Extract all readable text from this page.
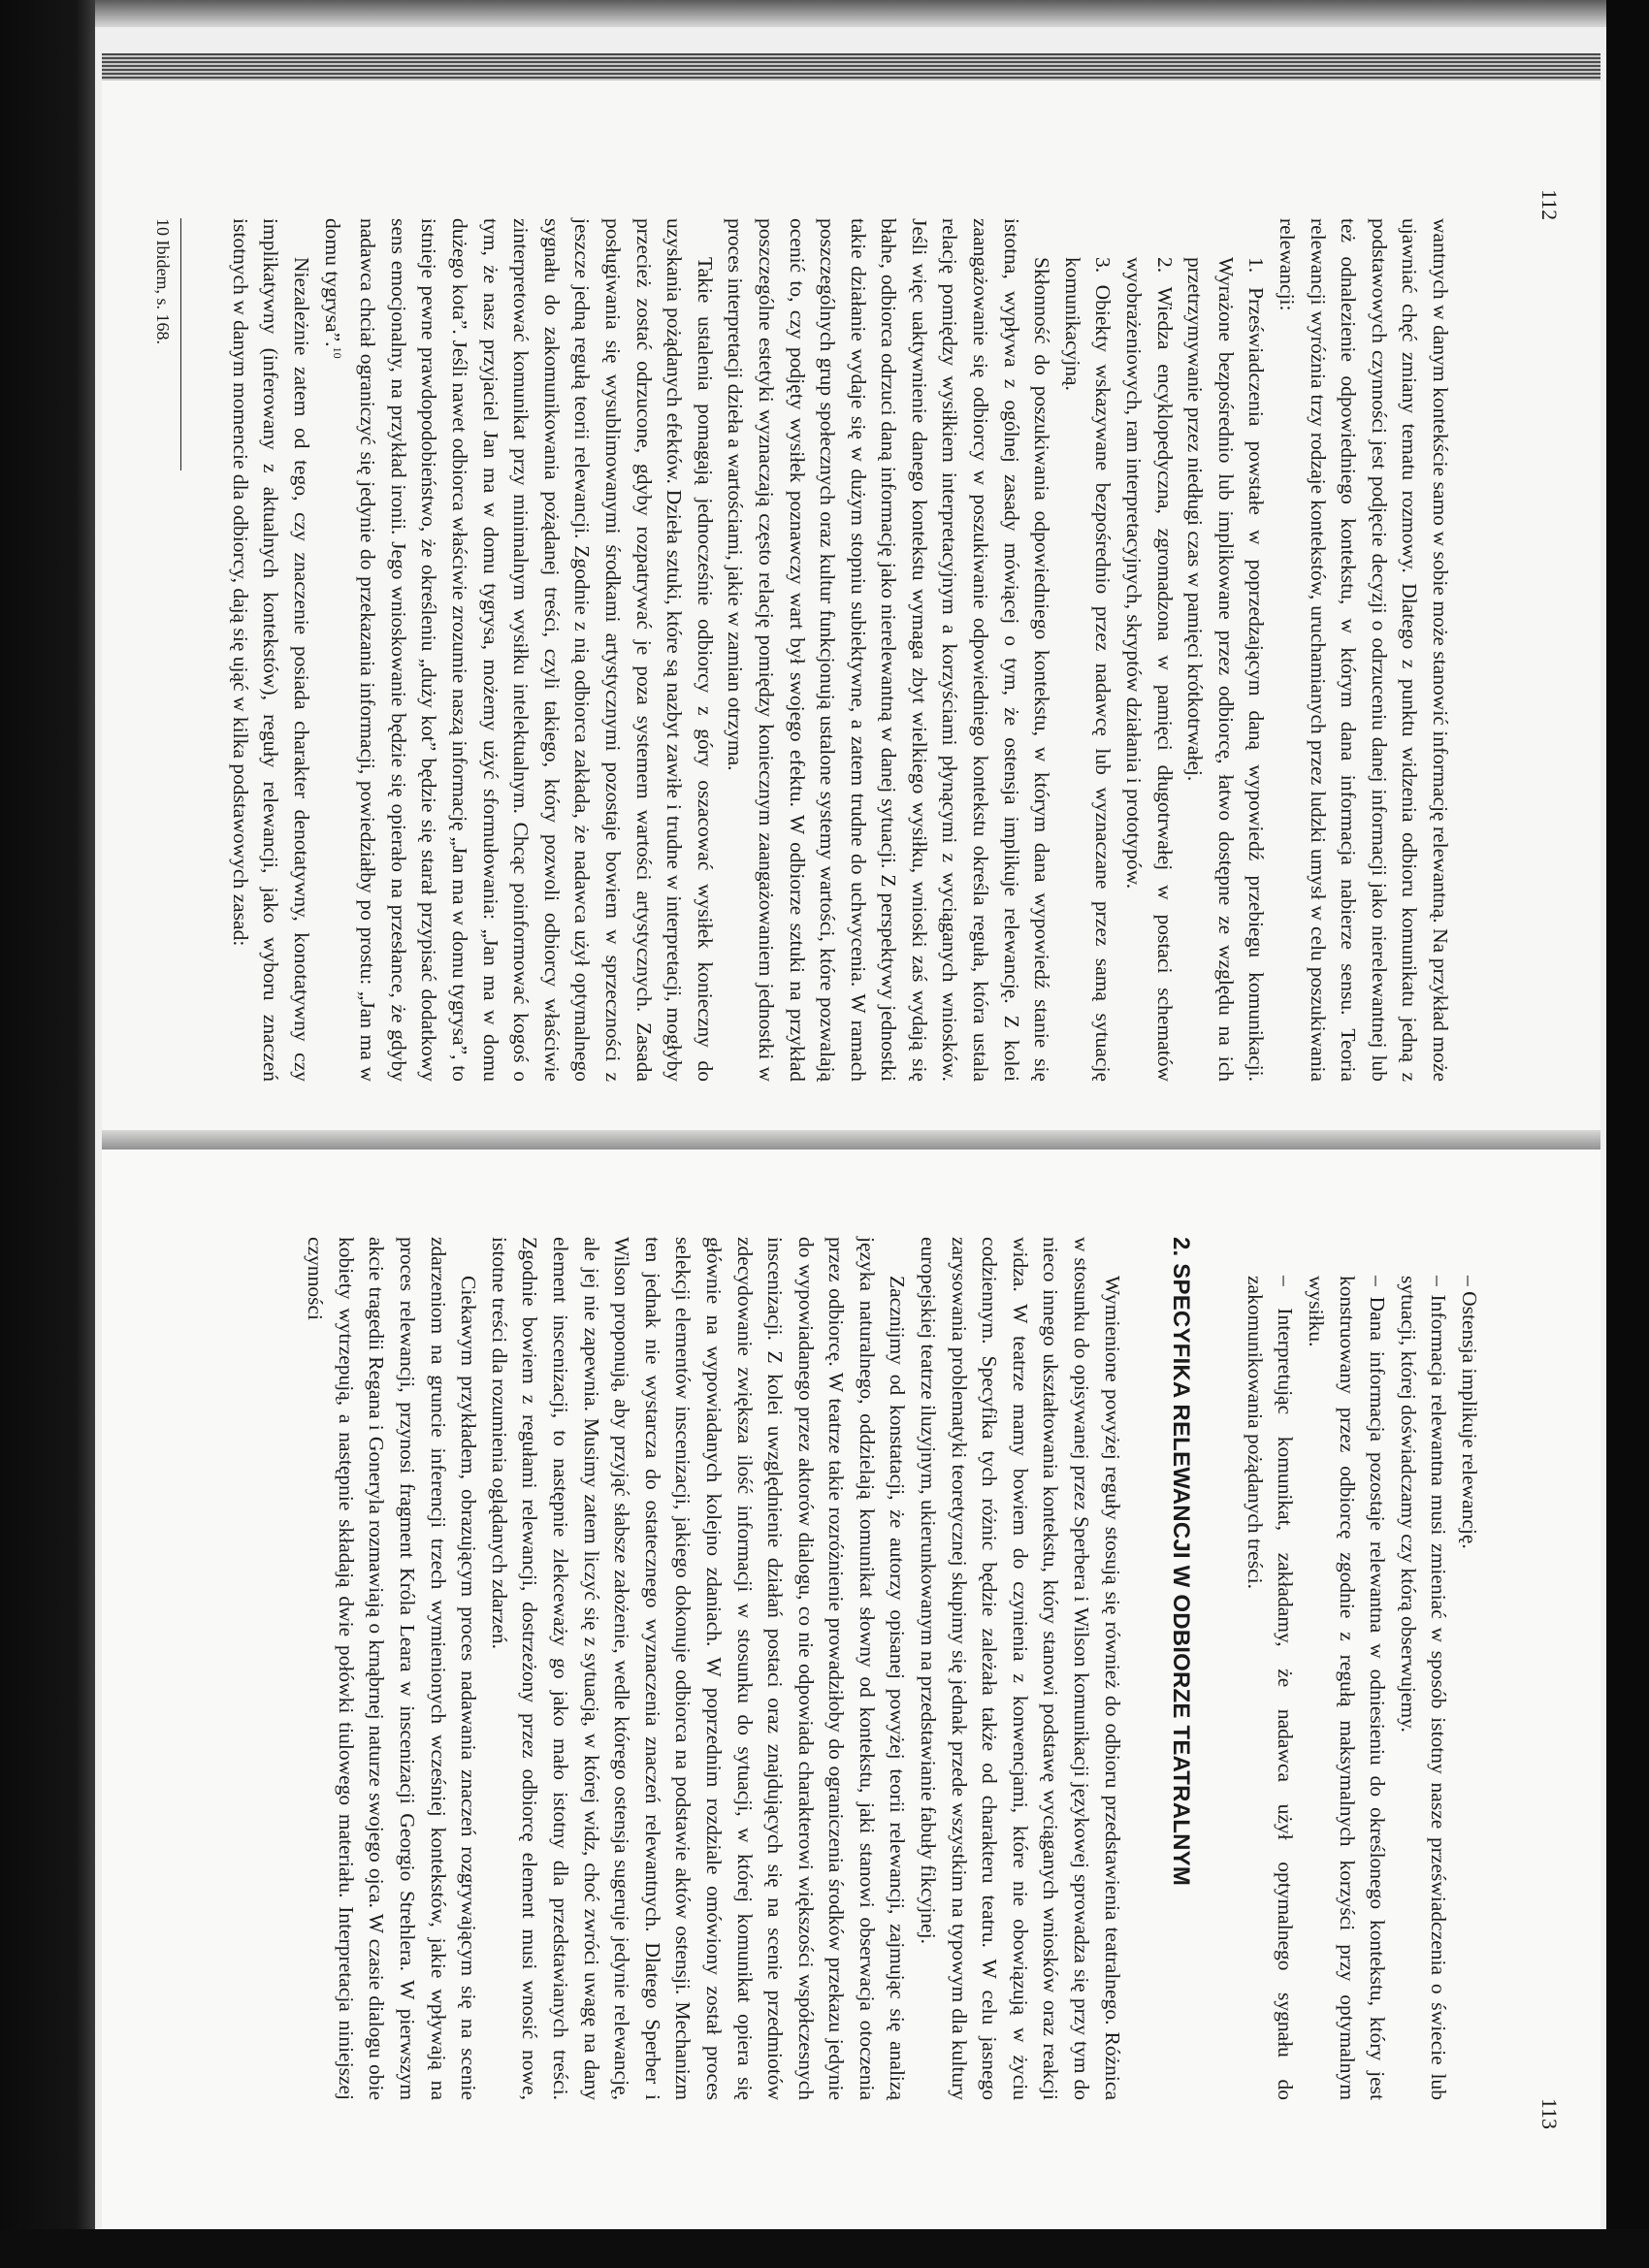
112

wantnych w danym kontekście samo w sobie może stanowić informację relewantną. Na przykład może ujawniać chęć zmiany tematu rozmowy. Dlatego z punktu widzenia odbioru komunikatu jedną z podstawowych czynności jest podjęcie decyzji o odrzuceniu danej informacji jako nierelewantnej lub też odnalezienie odpowiedniego kontekstu, w którym dana informacja nabierze sensu. Teoria relewancji wyróżnia trzy rodzaje kontekstów, uruchamianych przez ludzki umysł w celu poszukiwania relewancji:

1. Przeświadczenia powstałe w poprzedzającym daną wypowiedź przebiegu komunikacji. Wyrażone bezpośrednio lub implikowane przez odbiorcę, łatwo dostępne ze względu na ich przetrzymywanie przez niedługi czas w pamięci krótkotrwałej.

2. Wiedza encyklopedyczna, zgromadzona w pamięci długotrwałej w postaci schematów wyobrażeniowych, ram interpretacyjnych, skryptów działania i prototypów.

3. Obiekty wskazywane bezpośrednio przez nadawcę lub wyznaczane przez samą sytuację komunikacyjną.

Skłonność do poszukiwania odpowiedniego kontekstu, w którym dana wypowiedź stanie się istotna, wypływa z ogólnej zasady mówiącej o tym, że ostensja implikuje relewancję. Z kolei zaangażowanie się odbiorcy w poszukiwanie odpowiedniego kontekstu określa reguła, która ustala relację pomiędzy wysiłkiem interpretacyjnym a korzyściami płynącymi z wyciąganych wniosków. Jeśli więc uaktywnienie danego kontekstu wymaga zbyt wielkiego wysiłku, wnioski zaś wydają się błahe, odbiorca odrzuci daną informację jako nierelewantną w danej sytuacji. Z perspektywy jednostki takie działanie wydaje się w dużym stopniu subiektywne, a zatem trudne do uchwycenia. W ramach poszczególnych grup społecznych oraz kultur funkcjonują ustalone systemy wartości, które pozwalają ocenić to, czy podjęty wysiłek poznawczy wart był swojego efektu. W odbiorze sztuki na przykład poszczególne estetyki wyznaczają często relację pomiędzy koniecznym zaangażowaniem jednostki w proces interpretacji dzieła a wartościami, jakie w zamian otrzyma.

Takie ustalenia pomagają jednocześnie odbiorcy z góry oszacować wysiłek konieczny do uzyskania pożądanych efektów. Dzieła sztuki, które są nazbyt zawiłe i trudne w interpretacji, mogłyby przecież zostać odrzucone, gdyby rozpatrywać je poza systemem wartości artystycznych. Zasada posługiwania się wysublimowanymi środkami artystycznymi pozostaje bowiem w sprzeczności z jeszcze jedną regułą teorii relewancji. Zgodnie z nią odbiorca zakłada, że nadawca użył optymalnego sygnału do zakomunikowania pożądanej treści, czyli takiego, który pozwoli odbiorcy właściwie zinterpretować komunikat przy minimalnym wysiłku intelektualnym. Chcąc poinformować kogoś o tym, że nasz przyjaciel Jan ma w domu tygrysa, możemy użyć sformułowania: „Jan ma w domu dużego kota”. Jeśli nawet odbiorca właściwie zrozumie naszą informację „Jan ma w domu tygrysa”, to istnieje pewne prawdopodobieństwo, że określeniu „duży kot” będzie się starał przypisać dodatkowy sens emocjonalny, na przykład ironii. Jego wnioskowanie będzie się opierało na przesłance, że gdyby nadawca chciał ograniczyć się jedynie do przekazania informacji, powiedziałby po prostu: „Jan ma w domu tygrysa”.$^{10}$

Niezależnie zatem od tego, czy znaczenie posiada charakter denotatywny, konotatywny czy implikatywny (inferowany z aktualnych kontekstów), reguły relewancji, jako wyboru znaczeń istotnych w danym momencie dla odbiorcy, dają się ująć w kilka podstawowych zasad:

10 Ibidem, s. 168.
113

– Ostensja implikuje relewancję.

– Informacja relewantna musi zmieniać w sposób istotny nasze przeświadczenia o świecie lub sytuacji, której doświadczamy czy którą obserwujemy.

– Dana informacja pozostaje relewantna w odniesieniu do określonego kontekstu, który jest konstruowany przez odbiorcę zgodnie z regułą maksymalnych korzyści przy optymalnym wysiłku.

– Interpretując komunikat, zakładamy, że nadawca użył optymalnego sygnału do zakomunikowania pożądanych treści.

2. SPECYFIKA RELEWANCJI W ODBIORZE TEATRALNYM

Wymienione powyżej reguły stosują się również do odbioru przedstawienia teatralnego. Różnica w stosunku do opisywanej przez Sperbera i Wilson komunikacji językowej sprowadza się przy tym do nieco innego ukształtowania kontekstu, który stanowi podstawę wyciąganych wniosków oraz reakcji widza. W teatrze mamy bowiem do czynienia z konwencjami, które nie obowiązują w życiu codziennym. Specyfika tych różnic będzie zależała także od charakteru teatru. W celu jasnego zarysowania problematyki teoretycznej skupimy się jednak przede wszystkim na typowym dla kultury europejskiej teatrze iluzyjnym, ukierunkowanym na przedstawianie fabuły fikcyjnej.

Zacznijmy od konstatacji, że autorzy opisanej powyżej teorii relewancji, zajmując się analizą języka naturalnego, oddzielają komunikat słowny od kontekstu, jaki stanowi obserwacja otoczenia przez odbiorcę. W teatrze takie rozróżnienie prowadziłoby do ograniczenia środków przekazu jedynie do wypowiadanego przez aktorów dialogu, co nie odpowiada charakterowi większości współczesnych inscenizacji. Z kolei uwzględnienie działań postaci oraz znajdujących się na scenie przedmiotów zdecydowanie zwiększa ilość informacji w stosunku do sytuacji, w której komunikat opiera się głównie na wypowiadanych kolejno zdaniach. W poprzednim rozdziale omówiony został proces selekcji elementów inscenizacji, jakiego dokonuje odbiorca na podstawie aktów ostensji. Mechanizm ten jednak nie wystarcza do ostatecznego wyznaczenia znaczeń relewantnych. Dlatego Sperber i Wilson proponują, aby przyjąć słabsze założenie, wedle którego ostensja sugeruje jedynie relewancję, ale jej nie zapewnia. Musimy zatem liczyć się z sytuacją, w której widz, choć zwróci uwagę na dany element inscenizacji, to następnie zlekceważy go jako mało istotny dla przedstawianych treści. Zgodnie bowiem z regułami relewancji, dostrzeżony przez odbiorcę element musi wnosić nowe, istotne treści dla rozumienia oglądanych zdarzeń.

Ciekawym przykładem, obrazującym proces nadawania znaczeń rozgrywającym się na scenie zdarzeniom na gruncie inferencji trzech wymienionych wcześniej kontekstów, jakie wpływają na proces relewancji, przynosi fragment Króla Leara w inscenizacji Georgio Strehlera. W pierwszym akcie tragedii Regana i Goneryla rozmawiają o krnąbrnej naturze swojego ojca. W czasie dialogu obie kobiety wytrzepują, a następnie składają dwie połówki tiulowego materiału. Interpretacja niniejszej czynności
